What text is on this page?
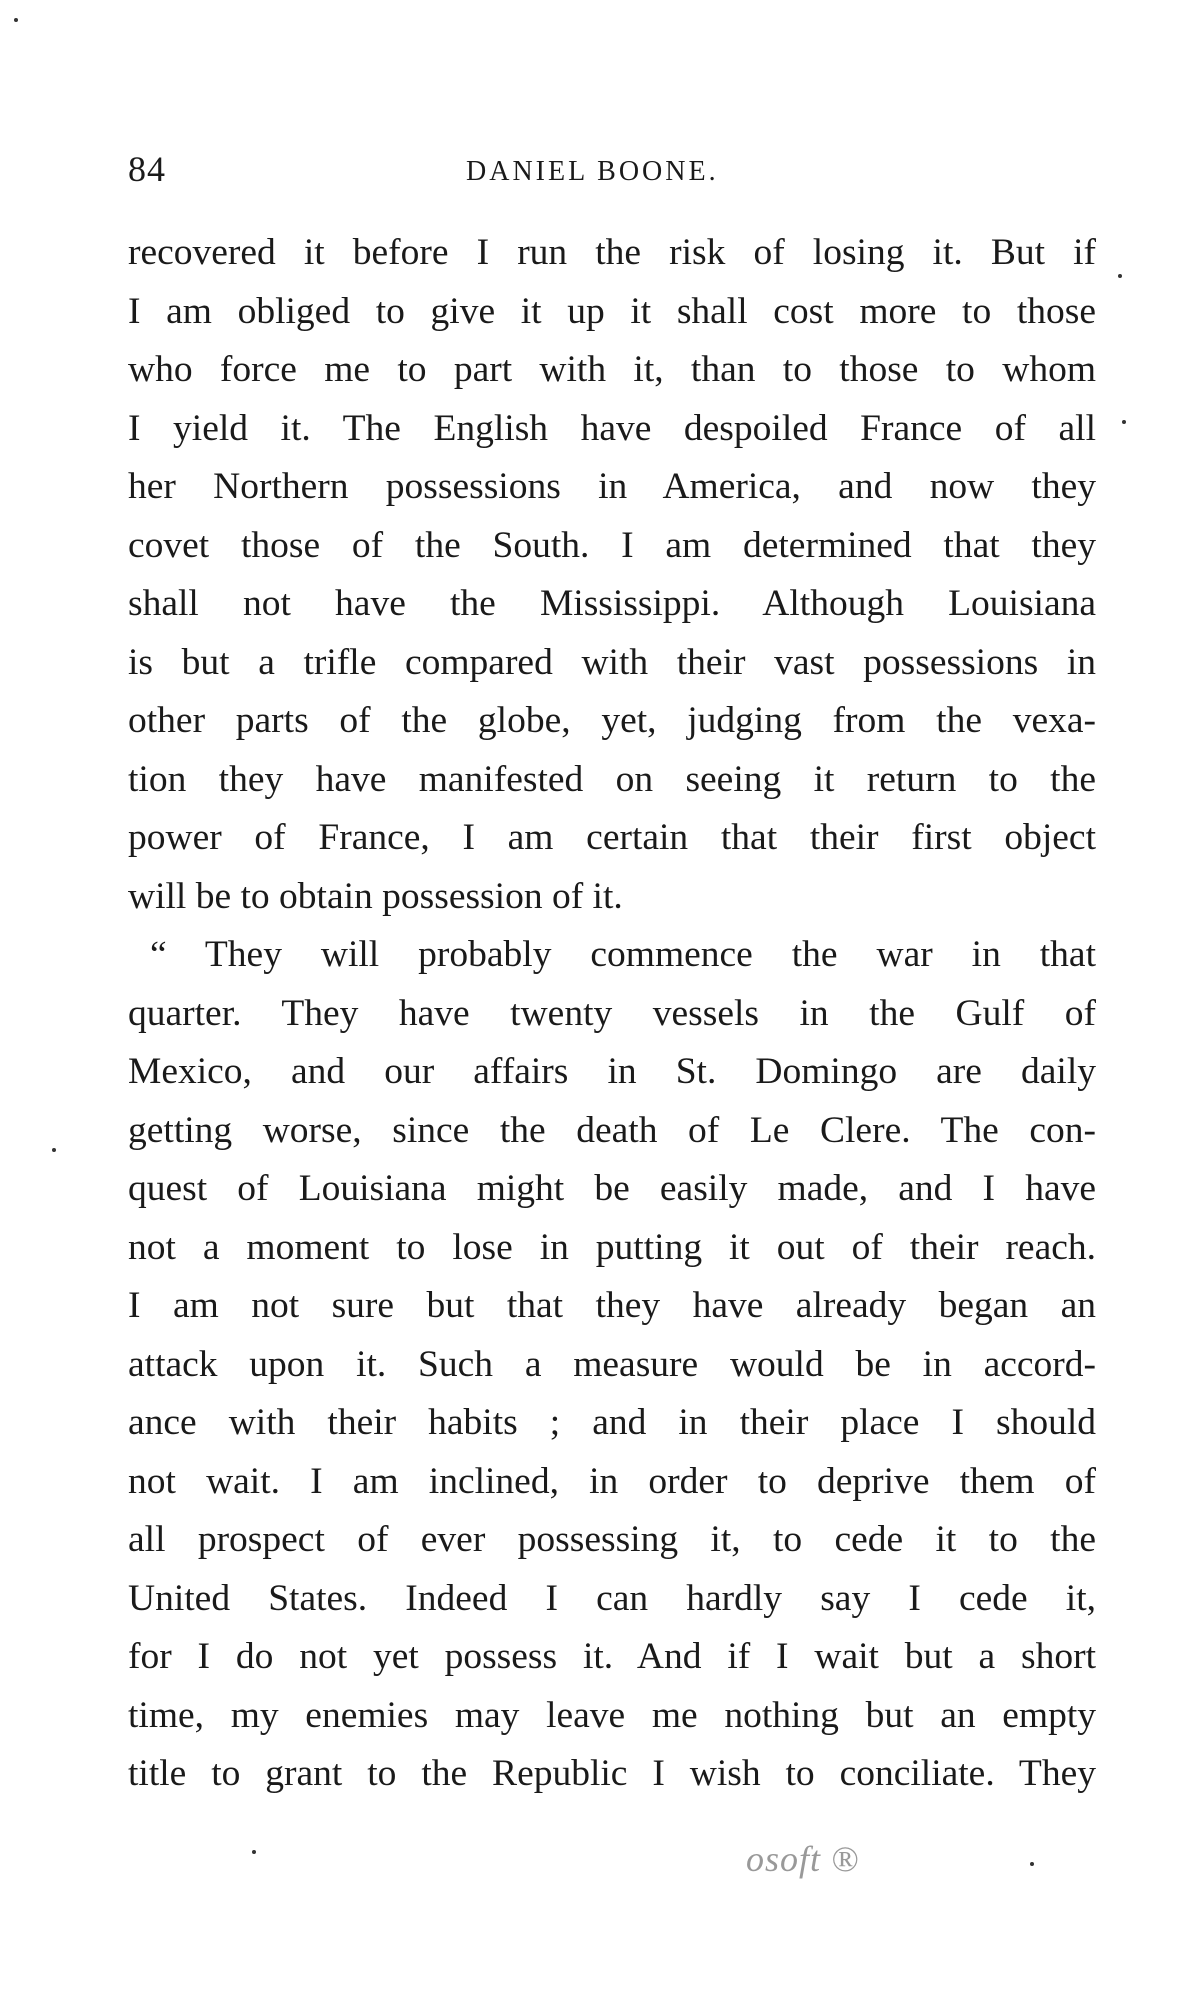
84	DANIEL BOONE.
recovered it before I run the risk of losing it. But if
I am obliged to give it up it shall cost more to those
who force me to part with it, than to those to whom
I yield it. The English have despoiled France of all
her Northern possessions in America, and now they
covet those of the South. I am determined that they
shall not have the Mississippi. Although Louisiana
is but a trifle compared with their vast possessions in
other parts of the globe, yet, judging from the vexa-
tion they have manifested on seeing it return to the
power of France, I am certain that their first object
will be to obtain possession of it.
“ They will probably commence the war in that
quarter. They have twenty vessels in the Gulf of
Mexico, and our affairs in St. Domingo are daily
getting worse, since the death of Le Clere. The con-
quest of Louisiana might be easily made, and I have
not a moment to lose in putting it out of their reach.
I am not sure but that they have already began an
attack upon it. Such a measure would be in accord-
ance with their habits ; and in their place I should
not wait. I am inclined, in order to deprive them of
all prospect of ever possessing it, to cede it to the
United States. Indeed I can hardly say I cede it,
for I do not yet possess it. And if I wait but a short
time, my enemies may leave me nothing but an empty
title to grant to the Republic I wish to conciliate. They
osoft ®
